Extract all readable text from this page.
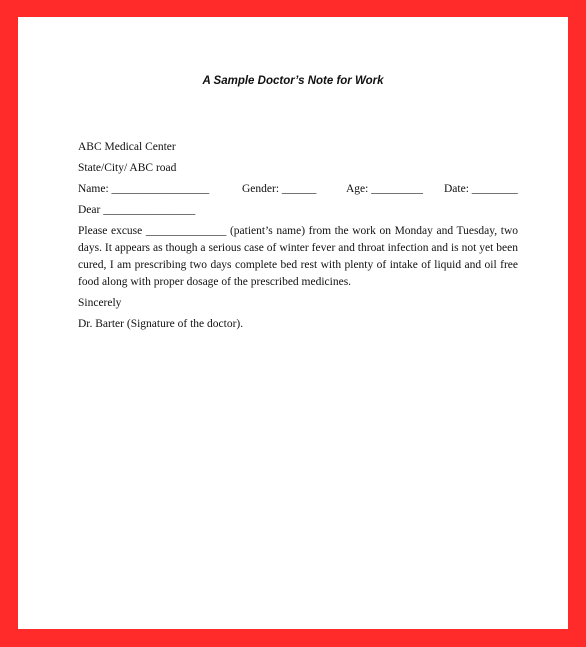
A Sample Doctor’s Note for Work

ABC Medical Center

State/City/ ABC road

Name: _________________	Gender: ______	Age: _________ Date: ________

Dear ________________

Please excuse ______________ (patient’s name) from the work on Monday and Tuesday, two days. It appears as though a serious case of winter fever and throat infection and is not yet been cured, I am prescribing two days complete bed rest with plenty of intake of liquid and oil free food along with proper dosage of the prescribed medicines.

Sincerely

Dr. Barter (Signature of the doctor).
